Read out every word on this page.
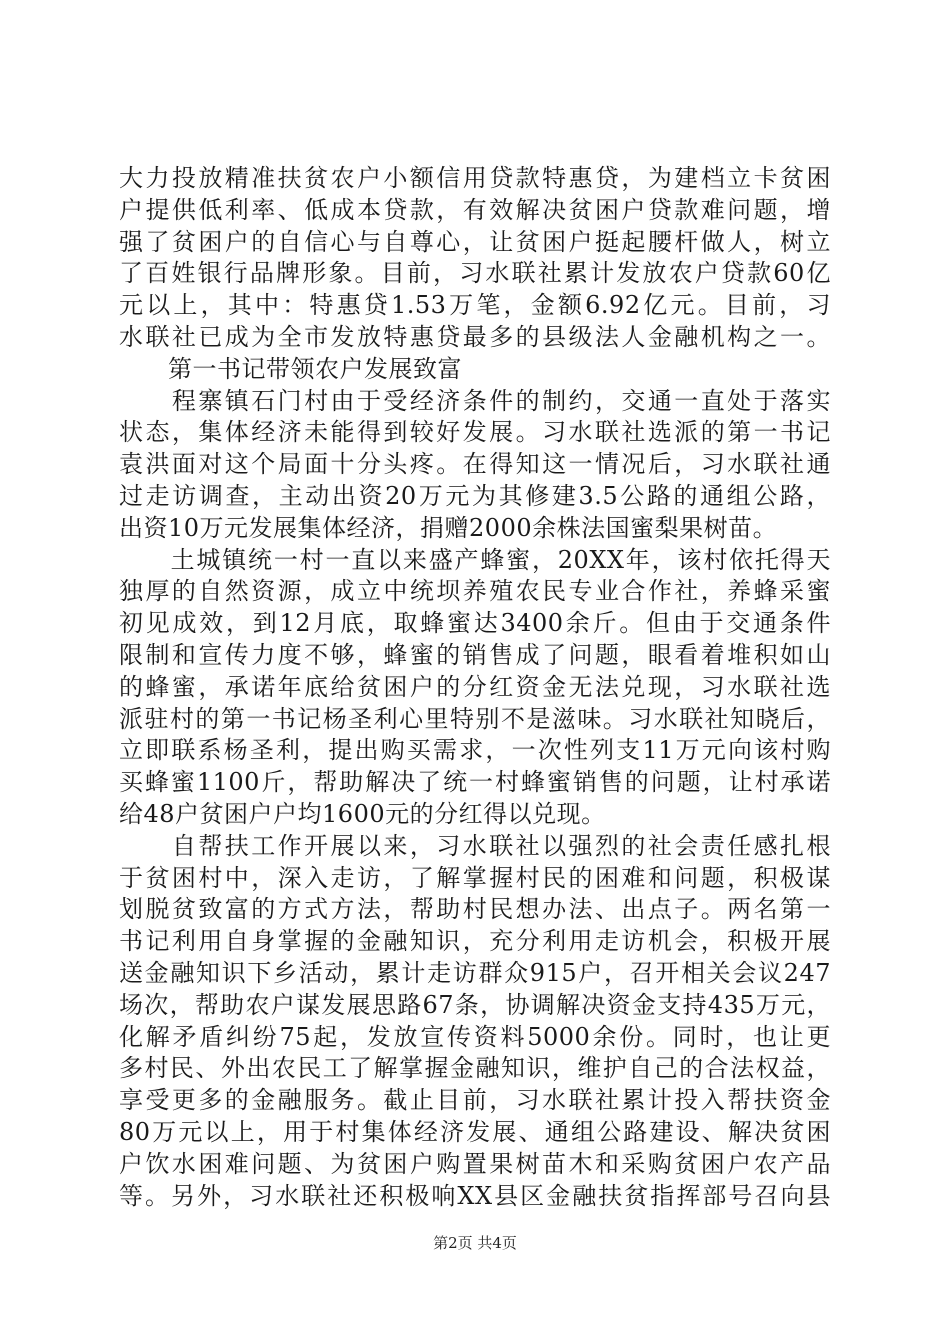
大力投放精准扶贫农户小额信用贷款特惠贷，为建档立卡贫困
户提供低利率、低成本贷款，有效解决贫困户贷款难问题，增
强了贫困户的自信心与自尊心，让贫困户挺起腰杆做人，树立
了百姓银行品牌形象。目前，习水联社累计发放农户贷款60亿
元以上，其中：特惠贷1.53万笔，金额6.92亿元。目前，习
水联社已成为全市发放特惠贷最多的县级法人金融机构之一。
　　第一书记带领农户发展致富
　　程寨镇石门村由于受经济条件的制约，交通一直处于落实
状态，集体经济未能得到较好发展。习水联社选派的第一书记
袁洪面对这个局面十分头疼。在得知这一情况后，习水联社通
过走访调查，主动出资20万元为其修建3.5公路的通组公路，
出资10万元发展集体经济，捐赠2000余株法国蜜梨果树苗。
　　土城镇统一村一直以来盛产蜂蜜，20XX年，该村依托得天
独厚的自然资源，成立中统坝养殖农民专业合作社，养蜂采蜜
初见成效，到12月底，取蜂蜜达3400余斤。但由于交通条件
限制和宣传力度不够，蜂蜜的销售成了问题，眼看着堆积如山
的蜂蜜，承诺年底给贫困户的分红资金无法兑现，习水联社选
派驻村的第一书记杨圣利心里特别不是滋味。习水联社知晓后，
立即联系杨圣利，提出购买需求，一次性列支11万元向该村购
买蜂蜜1100斤，帮助解决了统一村蜂蜜销售的问题，让村承诺
给48户贫困户户均1600元的分红得以兑现。
　　自帮扶工作开展以来，习水联社以强烈的社会责任感扎根
于贫困村中，深入走访，了解掌握村民的困难和问题，积极谋
划脱贫致富的方式方法，帮助村民想办法、出点子。两名第一
书记利用自身掌握的金融知识，充分利用走访机会，积极开展
送金融知识下乡活动，累计走访群众915户，召开相关会议247
场次，帮助农户谋发展思路67条，协调解决资金支持435万元，
化解矛盾纠纷75起，发放宣传资料5000余份。同时，也让更
多村民、外出农民工了解掌握金融知识，维护自己的合法权益，
享受更多的金融服务。截止目前，习水联社累计投入帮扶资金
80万元以上，用于村集体经济发展、通组公路建设、解决贫困
户饮水困难问题、为贫困户购置果树苗木和采购贫困户农产品
等。另外，习水联社还积极响XX县区金融扶贫指挥部号召向县
第2页 共4页
